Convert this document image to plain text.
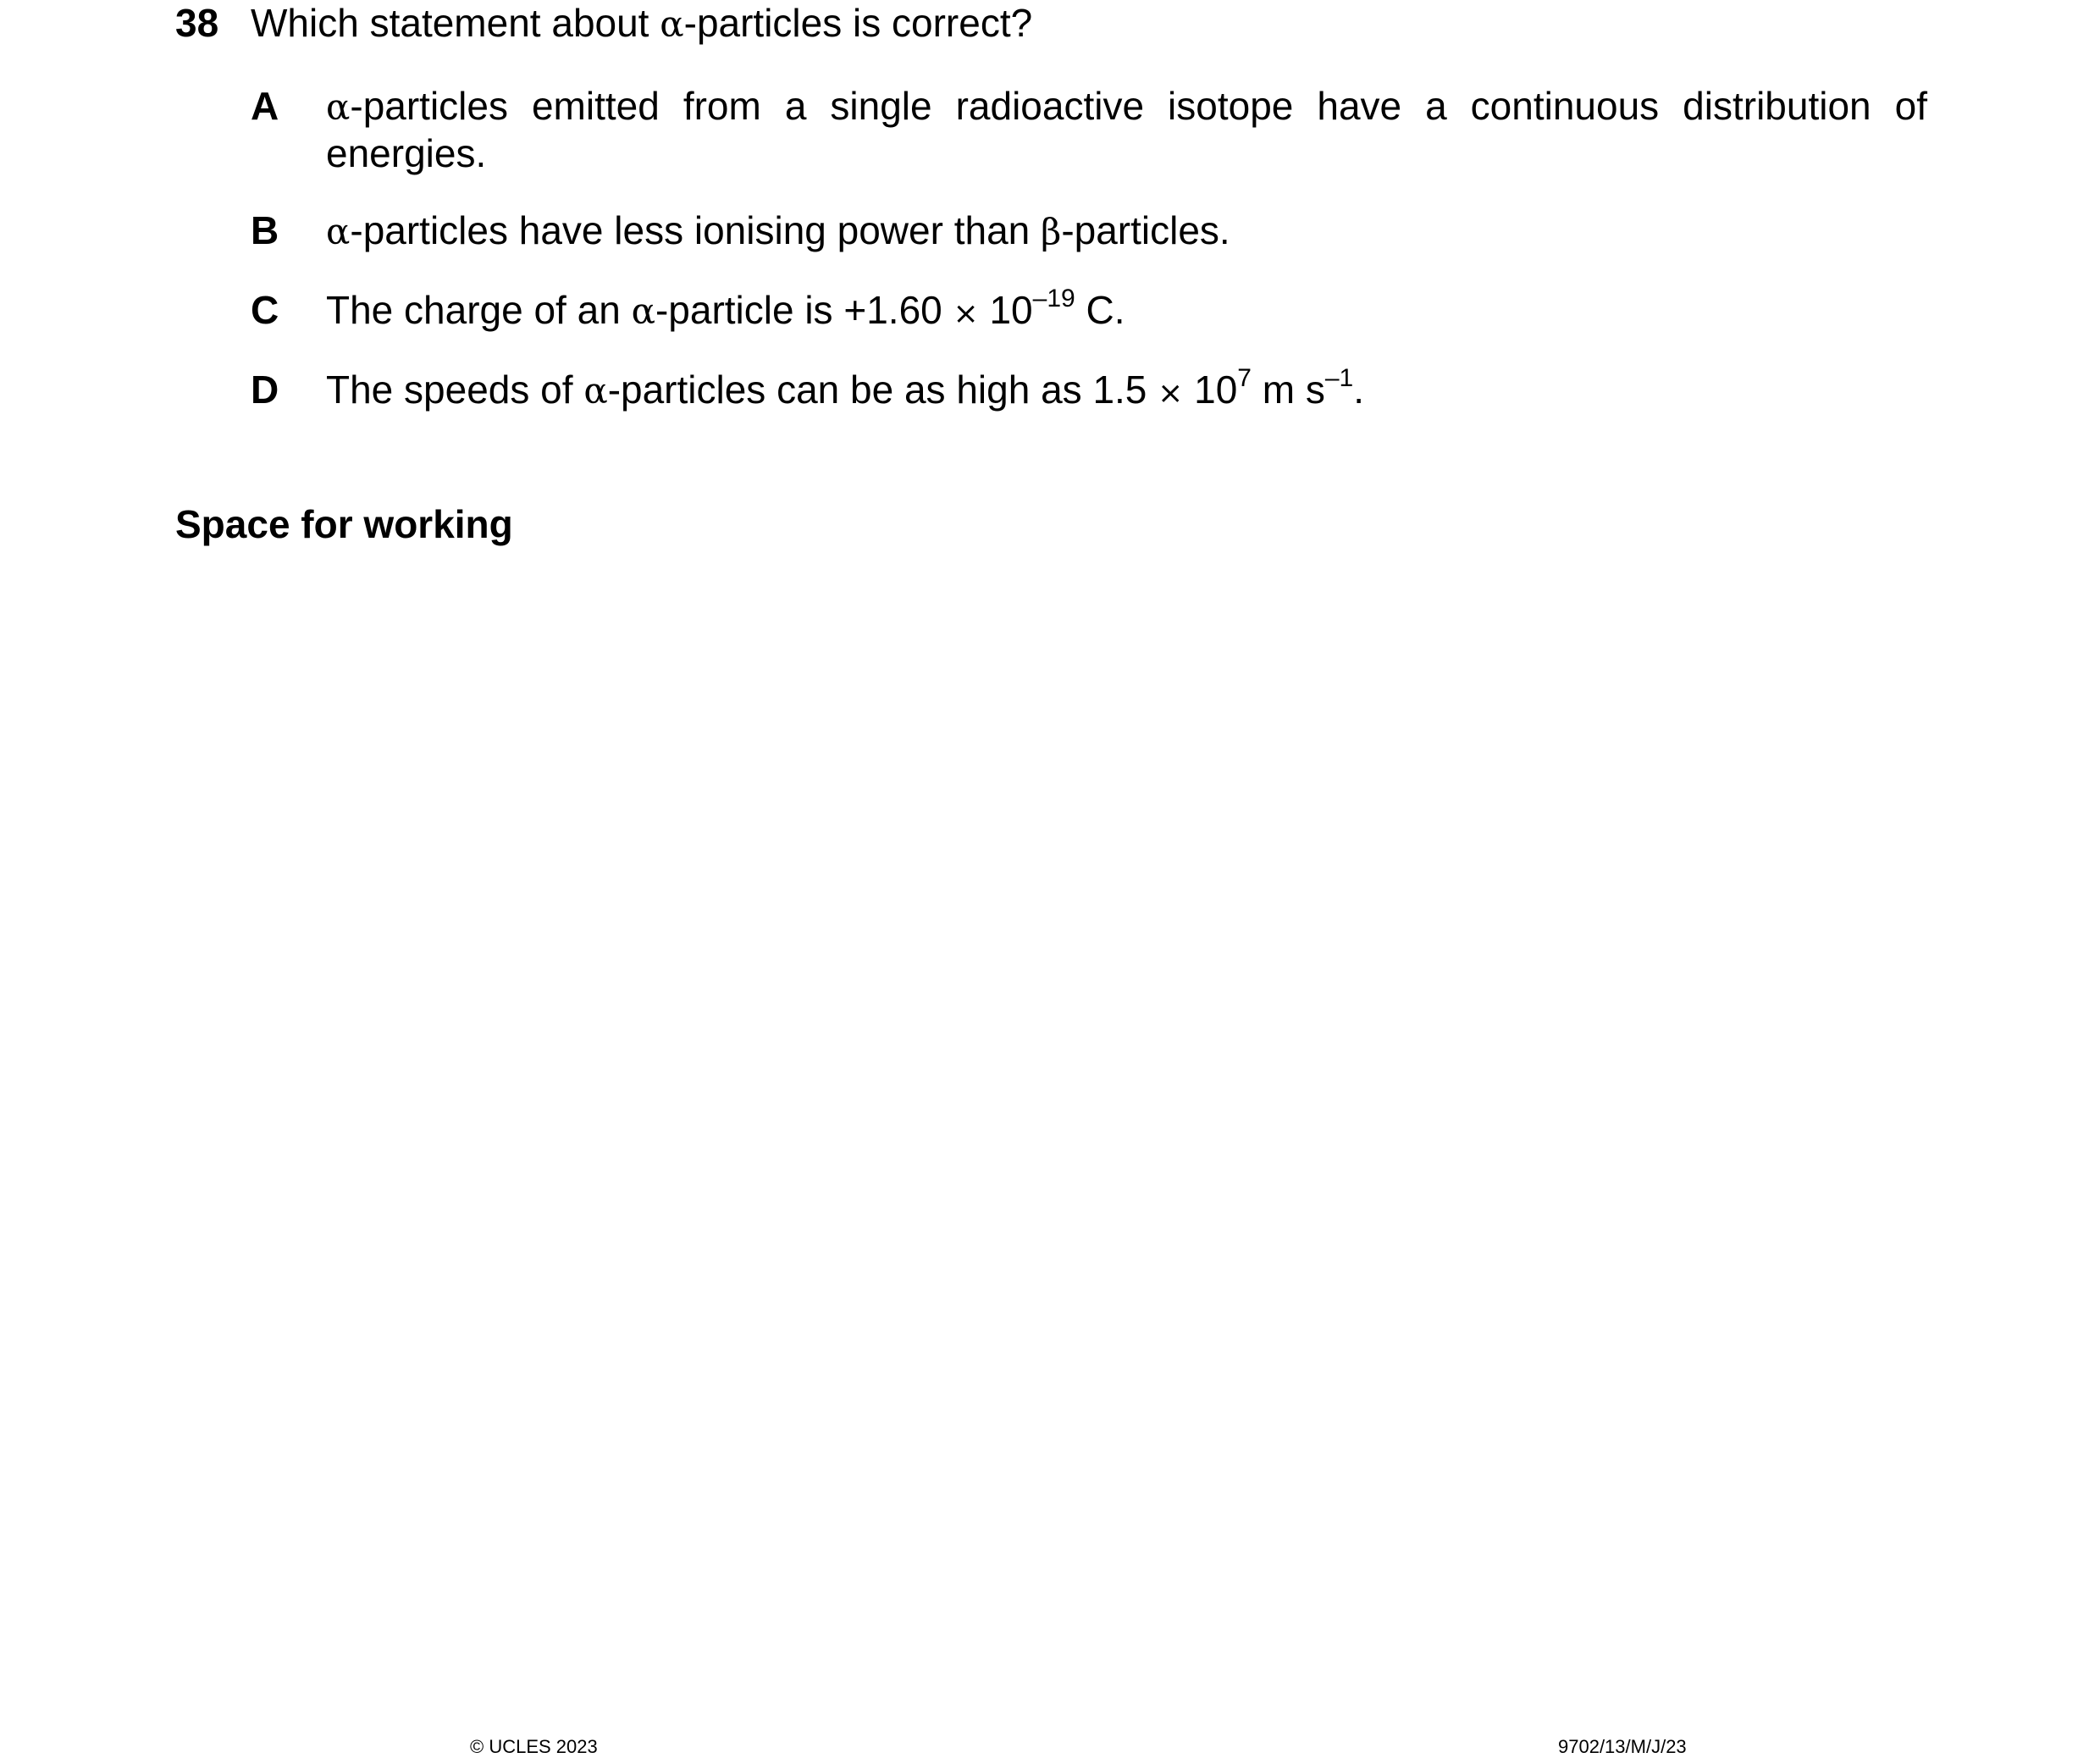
38 Which statement about α-particles is correct?
A α-particles emitted from a single radioactive isotope have a continuous distribution of energies.
B α-particles have less ionising power than β-particles.
C The charge of an α-particle is $+1.60 \times 10^{-19}$ C.
D The speeds of α-particles can be as high as $1.5 \times 10^7$ m $s^{-1}$.
Space for working
© UCLES 2023	9702/13/M/J/23
